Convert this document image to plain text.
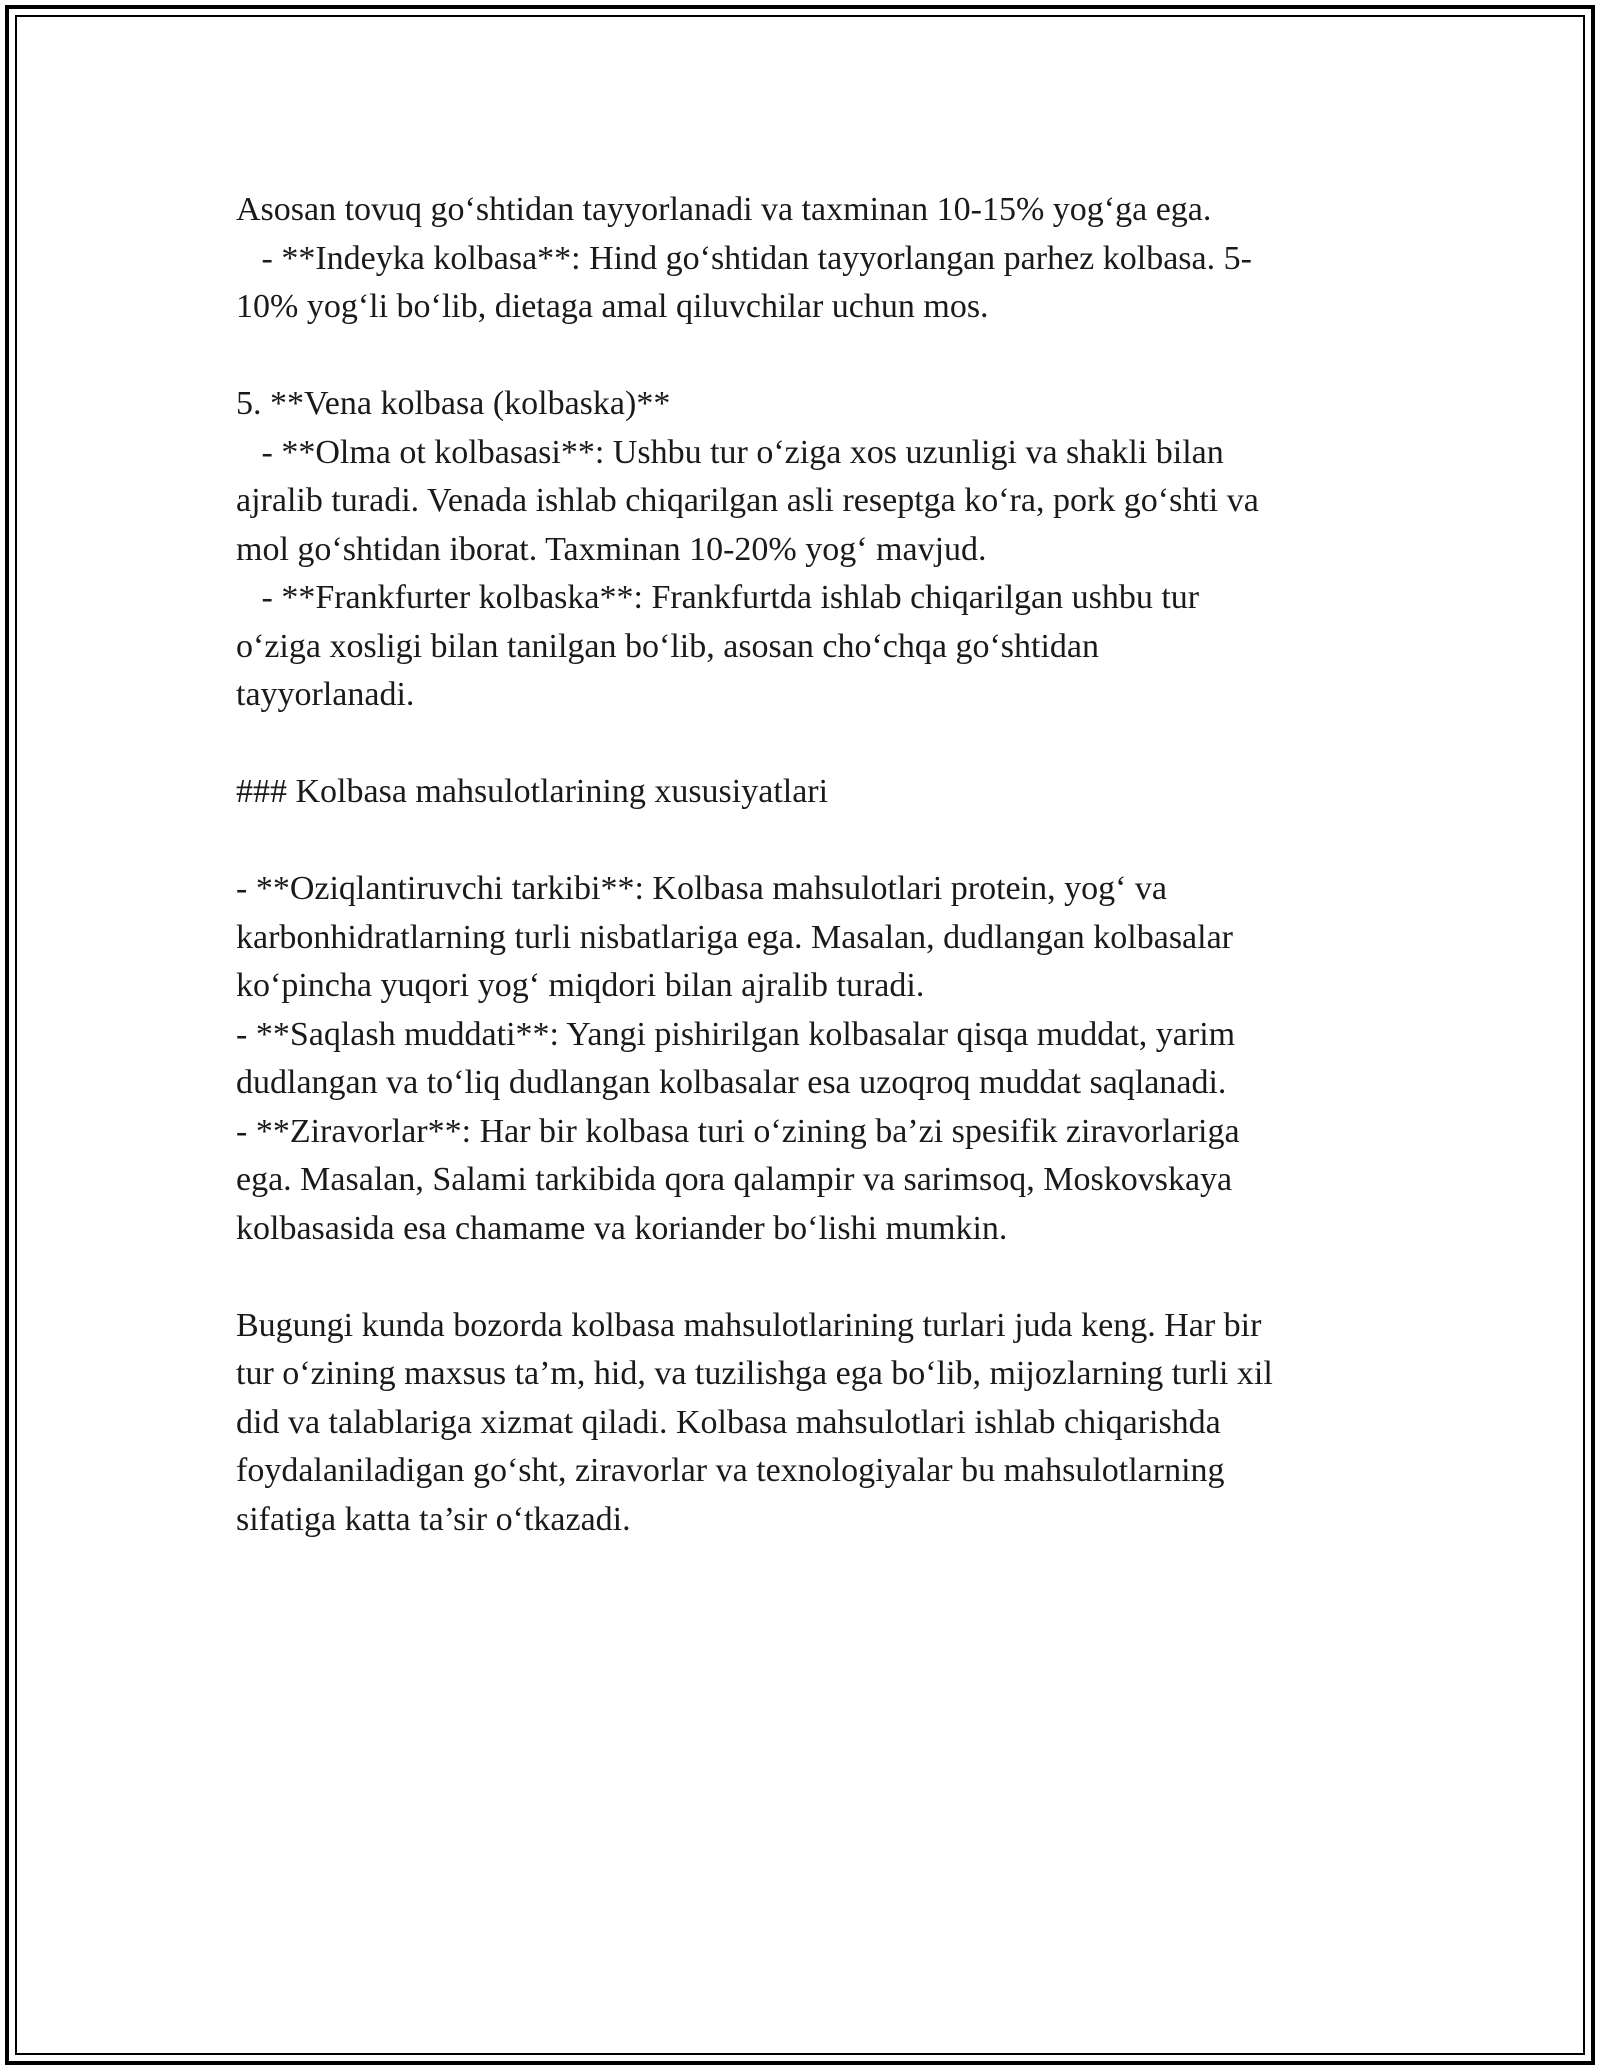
Asosan tovuq go‘shtidan tayyorlanadi va taxminan 10-15% yog‘ga ega.
- **Indeyka kolbasa**: Hind go‘shtidan tayyorlangan parhez kolbasa. 5-
10% yog‘li bo‘lib, dietaga amal qiluvchilar uchun mos.
5. **Vena kolbasa (kolbaska)**
- **Olma ot kolbasasi**: Ushbu tur o‘ziga xos uzunligi va shakli bilan
ajralib turadi. Venada ishlab chiqarilgan asli reseptga ko‘ra, pork go‘shti va
mol go‘shtidan iborat. Taxminan 10-20% yog‘ mavjud.
- **Frankfurter kolbaska**: Frankfurtda ishlab chiqarilgan ushbu tur
o‘ziga xosligi bilan tanilgan bo‘lib, asosan cho‘chqa go‘shtidan
tayyorlanadi.
### Kolbasa mahsulotlarining xususiyatlari
- **Oziqlantiruvchi tarkibi**: Kolbasa mahsulotlari protein, yog‘ va
karbonhidratlarning turli nisbatlariga ega. Masalan, dudlangan kolbasalar
ko‘pincha yuqori yog‘ miqdori bilan ajralib turadi.
- **Saqlash muddati**: Yangi pishirilgan kolbasalar qisqa muddat, yarim
dudlangan va to‘liq dudlangan kolbasalar esa uzoqroq muddat saqlanadi.
- **Ziravorlar**: Har bir kolbasa turi o‘zining ba’zi spesifik ziravorlariga
ega. Masalan, Salami tarkibida qora qalampir va sarimsoq, Moskovskaya
kolbasasida esa chamame va koriander bo‘lishi mumkin.
Bugungi kunda bozorda kolbasa mahsulotlarining turlari juda keng. Har bir
tur o‘zining maxsus ta’m, hid, va tuzilishga ega bo‘lib, mijozlarning turli xil
did va talablariga xizmat qiladi. Kolbasa mahsulotlari ishlab chiqarishda
foydalaniladigan go‘sht, ziravorlar va texnologiyalar bu mahsulotlarning
sifatiga katta ta’sir o‘tkazadi.
